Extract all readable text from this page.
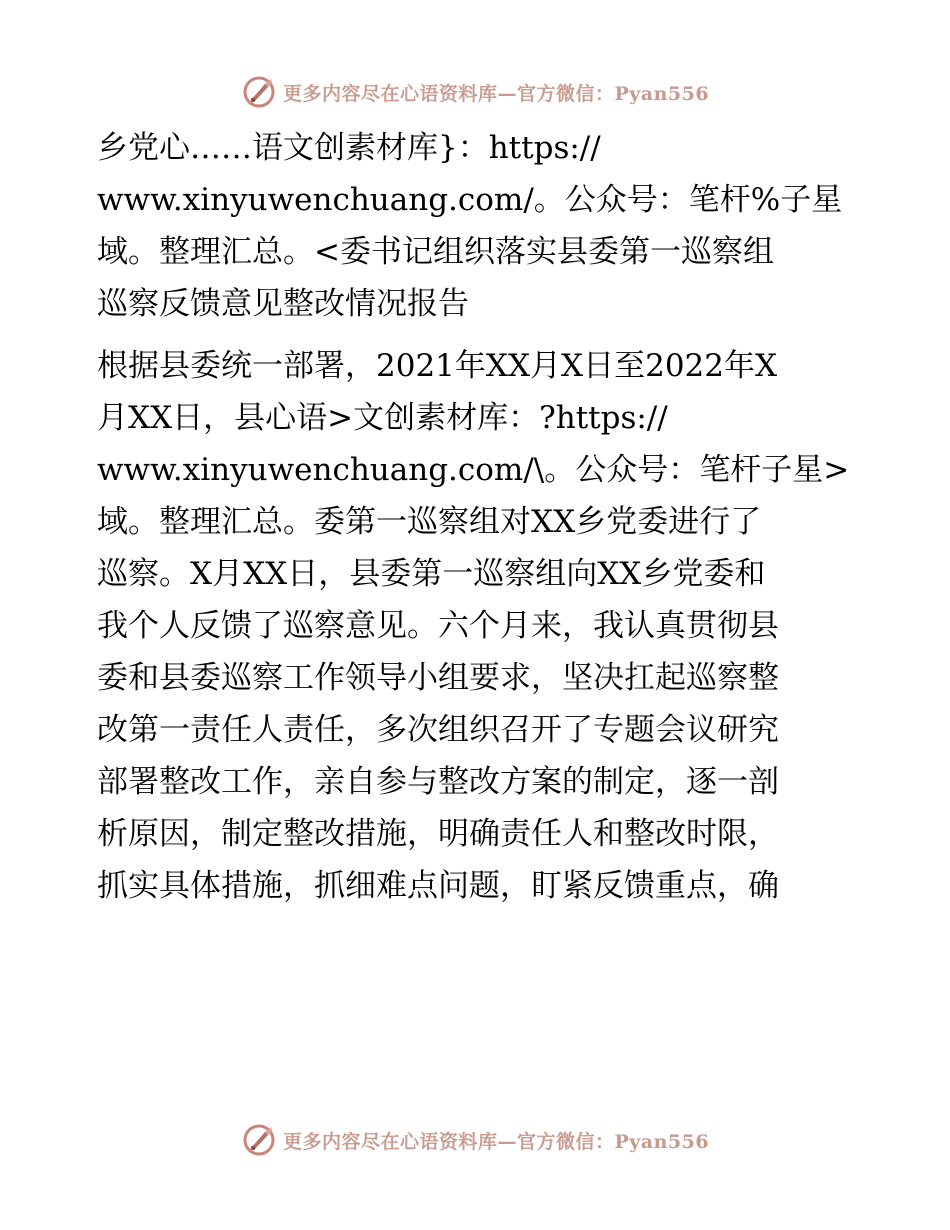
更多内容尽在心语资料库—官方微信：Pyan556
乡党心……语文创素材库}：https://
www.xinyuwenchuang.com/。公众号：笔杆%子星
域。整理汇总。<委书记组织落实县委第一巡察组
巡察反馈意见整改情况报告
根据县委统一部署，2021年XX月X日至2022年X
月XX日，县心语>文创素材库：?https://
www.xinyuwenchuang.com/\。公众号：笔杆子星>
域。整理汇总。委第一巡察组对XX乡党委进行了
巡察。X月XX日，县委第一巡察组向XX乡党委和
我个人反馈了巡察意见。六个月来，我认真贯彻县
委和县委巡察工作领导小组要求，坚决扛起巡察整
改第一责任人责任，多次组织召开了专题会议研究
部署整改工作，亲自参与整改方案的制定，逐一剖
析原因，制定整改措施，明确责任人和整改时限，
抓实具体措施，抓细难点问题，盯紧反馈重点，确
更多内容尽在心语资料库—官方微信：Pyan556
